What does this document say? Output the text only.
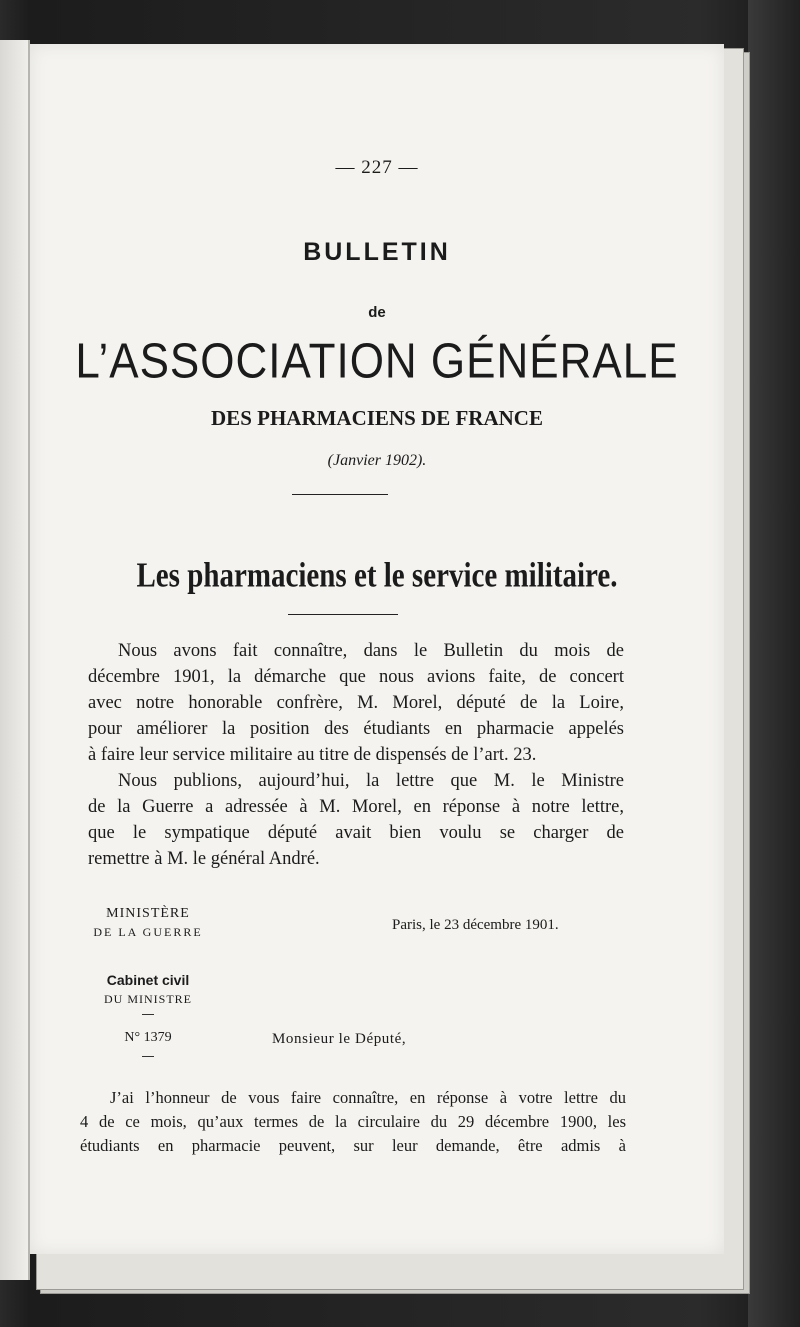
— 227 —
BULLETIN
de
L’ASSOCIATION GÉNÉRALE
DES PHARMACIENS DE FRANCE
(Janvier 1902).
Les pharmaciens et le service militaire.
Nous avons fait connaître, dans le Bulletin du mois de
décembre 1901, la démarche que nous avions faite, de concert
avec notre honorable confrère, M. Morel, député de la Loire,
pour améliorer la position des étudiants en pharmacie appelés
à faire leur service militaire au titre de dispensés de l’art. 23.
Nous publions, aujourd’hui, la lettre que M. le Ministre
de la Guerre a adressée à M. Morel, en réponse à notre lettre,
que le sympatique député avait bien voulu se charger de
remettre à M. le général André.
MINISTÈRE
DE LA GUERRE
Cabinet civil
DU MINISTRE
N° 1379
Paris, le 23 décembre 1901.
Monsieur le Député,
J’ai l’honneur de vous faire connaître, en réponse à votre lettre du
4 de ce mois, qu’aux termes de la circulaire du 29 décembre 1900, les
étudiants en pharmacie peuvent, sur leur demande, être admis à
